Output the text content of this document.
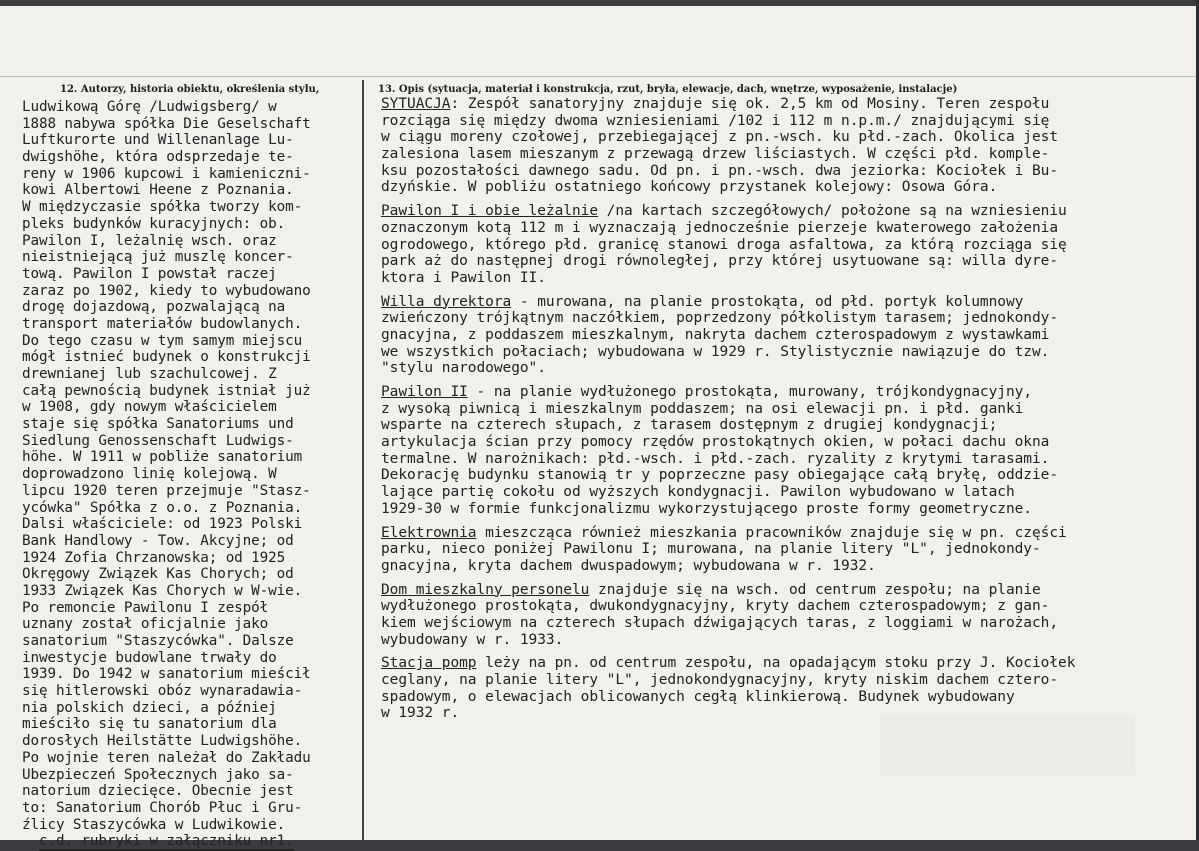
12. Autorzy, historia obiektu, określenia stylu,	13. Opis (sytuacja, materiał i konstrukcja, rzut, bryła, elewacje, dach, wnętrze, wyposażenie, instalacje)
Ludwikową Górę /Ludwigsberg/ w
1888 nabywa spółka Die Geselschaft
Luftkurorte und Willenanlage Lu-
dwigshöhe, która odsprzedaje te-
reny w 1906 kupcowi i kamieniczni-
kowi Albertowi Heene z Poznania.
W międzyczasie spółka tworzy kom-
pleks budynków kuracyjnych: ob.
Pawilon I, leżalnię wsch. oraz
nieistniejącą już muszlę koncer-
tową. Pawilon I powstał raczej
zaraz po 1902, kiedy to wybudowano
drogę dojazdową, pozwalającą na
transport materiałów budowlanych.
Do tego czasu w tym samym miejscu
mógł istnieć budynek o konstrukcji
drewnianej lub szachulcowej. Z
całą pewnością budynek istniał już
w 1908, gdy nowym właścicielem
staje się spółka Sanatoriums und
Siedlung Genossenschaft Ludwigs-
höhe. W 1911 w pobliże sanatorium
doprowadzono linię kolejową. W
lipcu 1920 teren przejmuje "Stasz-
ycówka" Spółka z o.o. z Poznania.
Dalsi właściciele: od 1923 Polski
Bank Handlowy - Tow. Akcyjne; od
1924 Zofia Chrzanowska; od 1925
Okręgowy Związek Kas Chorych; od
1933 Związek Kas Chorych w W-wie.
Po remoncie Pawilonu I zespół
uznany został oficjalnie jako
sanatorium "Staszycówka". Dalsze
inwestycje budowlane trwały do
1939. Do 1942 w sanatorium mieścił
się hitlerowski obóz wynaradawia-
nia polskich dzieci, a później
mieściło się tu sanatorium dla
dorosłych Heilstätte Ludwigshöhe.
Po wojnie teren należał do Zakładu
Ubezpieczeń Społecznych jako sa-
natorium dziecięce. Obecnie jest
to: Sanatorium Chorób Płuc i Gru-
źlicy Staszycówka w Ludwikowie.
c.d. rubryki w załączniku nr1.
SYTUACJA: Zespół sanatoryjny znajduje się ok. 2,5 km od Mosiny. Teren zespołu
rozciąga się między dwoma wzniesieniami /102 i 112 m n.p.m./ znajdującymi się
w ciągu moreny czołowej, przebiegającej z pn.-wsch. ku płd.-zach. Okolica jest
zalesiona lasem mieszanym z przewagą drzew liściastych. W części płd. komple-
ksu pozostałości dawnego sadu. Od pn. i pn.-wsch. dwa jeziorka: Kociołek i Bu-
dzyńskie. W pobliżu ostatniego końcowy przystanek kolejowy: Osowa Góra.
Pawilon I i obie leżalnie /na kartach szczegółowych/ położone są na wzniesieniu
oznaczonym kotą 112 m i wyznaczają jednocześnie pierzeje kwaterowego założenia
ogrodowego, którego płd. granicę stanowi droga asfaltowa, za którą rozciąga się
park aż do następnej drogi równoległej, przy której usytuowane są: willa dyre-
ktora i Pawilon II.
Willa dyrektora - murowana, na planie prostokąta, od płd. portyk kolumnowy
zwieńczony trójkątnym naczółkiem, poprzedzony półkolistym tarasem; jednokondy-
gnacyjna, z poddaszem mieszkalnym, nakryta dachem czterospadowym z wystawkami
we wszystkich połaciach; wybudowana w 1929 r. Stylistycznie nawiązuje do tzw.
"stylu narodowego".
Pawilon II - na planie wydłużonego prostokąta, murowany, trójkondygnacyjny,
z wysoką piwnicą i mieszkalnym poddaszem; na osi elewacji pn. i płd. ganki
wsparte na czterech słupach, z tarasem dostępnym z drugiej kondygnacji;
artykulacja ścian przy pomocy rzędów prostokątnych okien, w połaci dachu okna
termalne. W narożnikach: płd.-wsch. i płd.-zach. ryzality z krytymi tarasami.
Dekorację budynku stanowią tr y poprzeczne pasy obiegające całą bryłę, oddzie-
lające partię cokołu od wyższych kondygnacji. Pawilon wybudowano w latach
1929-30 w formie funkcjonalizmu wykorzystującego proste formy geometryczne.
Elektrownia mieszcząca również mieszkania pracowników znajduje się w pn. części
parku, nieco poniżej Pawilonu I; murowana, na planie litery "L", jednokondy-
gnacyjna, kryta dachem dwuspadowym; wybudowana w r. 1932.
Dom mieszkalny personelu znajduje się na wsch. od centrum zespołu; na planie
wydłużonego prostokąta, dwukondygnacyjny, kryty dachem czterospadowym; z gan-
kiem wejściowym na czterech słupach dźwigających taras, z loggiami w narożach,
wybudowany w r. 1933.
Stacja pomp leży na pn. od centrum zespołu, na opadającym stoku przy J. Kociołek
ceglany, na planie litery "L", jednokondygnacyjny, kryty niskim dachem cztero-
spadowym, o elewacjach oblicowanych cegłą klinkierową. Budynek wybudowany
w 1932 r.
